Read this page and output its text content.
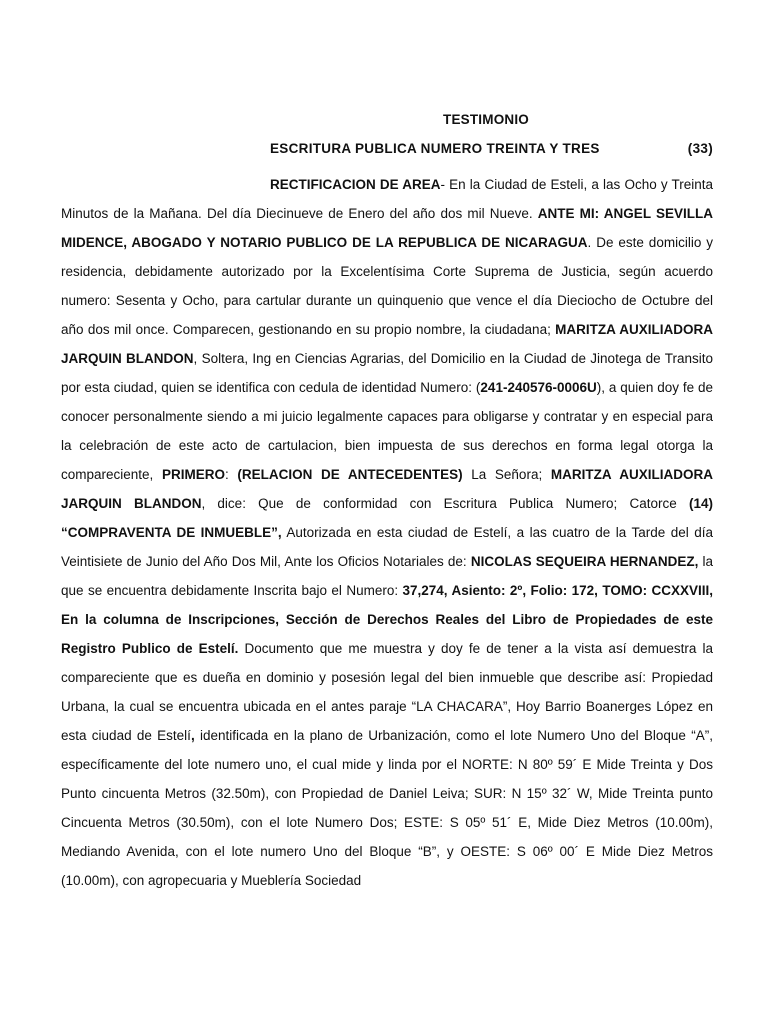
TESTIMONIO
ESCRITURA PUBLICA NUMERO TREINTA Y TRES	(33)

RECTIFICACION DE AREA- En la Ciudad de Esteli, a las Ocho y Treinta Minutos de la Mañana. Del día Diecinueve de Enero del año dos mil Nueve. ANTE MI: ANGEL SEVILLA MIDENCE, ABOGADO Y NOTARIO PUBLICO DE LA REPUBLICA DE NICARAGUA. De este domicilio y residencia, debidamente autorizado por la Excelentísima Corte Suprema de Justicia, según acuerdo numero: Sesenta y Ocho, para cartular durante un quinquenio que vence el día Dieciocho de Octubre del año dos mil once. Comparecen, gestionando en su propio nombre, la ciudadana; MARITZA AUXILIADORA JARQUIN BLANDON, Soltera, Ing en Ciencias Agrarias, del Domicilio en la Ciudad de Jinotega de Transito por esta ciudad, quien se identifica con cedula de identidad Numero: (241-240576-0006U), a quien doy fe de conocer personalmente siendo a mi juicio legalmente capaces para obligarse y contratar y en especial para la celebración de este acto de cartulacion, bien impuesta de sus derechos en forma legal otorga la compareciente, PRIMERO: (RELACION DE ANTECEDENTES) La Señora; MARITZA AUXILIADORA JARQUIN BLANDON, dice: Que de conformidad con Escritura Publica Numero; Catorce (14) “COMPRAVENTA DE INMUEBLE”, Autorizada en esta ciudad de Estelí, a las cuatro de la Tarde del día Veintisiete de Junio del Año Dos Mil, Ante los Oficios Notariales de: NICOLAS SEQUEIRA HERNANDEZ, la que se encuentra debidamente Inscrita bajo el Numero: 37,274, Asiento: 2º, Folio: 172, TOMO: CCXXVIII, En la columna de Inscripciones, Sección de Derechos Reales del Libro de Propiedades de este Registro Publico de Estelí. Documento que me muestra y doy fe de tener a la vista así demuestra la compareciente que es dueña en dominio y posesión legal del bien inmueble que describe así: Propiedad Urbana, la cual se encuentra ubicada en el antes paraje “LA CHACARA”, Hoy Barrio Boanerges López en esta ciudad de Estelí, identificada en la plano de Urbanización, como el lote Numero Uno del Bloque “A”, específicamente del lote numero uno, el cual mide y linda por el NORTE: N 80º 59´ E Mide Treinta y Dos Punto cincuenta Metros (32.50m), con Propiedad de Daniel Leiva; SUR: N 15º 32´ W, Mide Treinta punto Cincuenta Metros (30.50m), con el lote Numero Dos; ESTE: S 05º 51´ E, Mide Diez Metros (10.00m), Mediando Avenida, con el lote numero Uno del Bloque “B”, y OESTE: S 06º 00´ E Mide Diez Metros (10.00m), con agropecuaria y Mueblería Sociedad
